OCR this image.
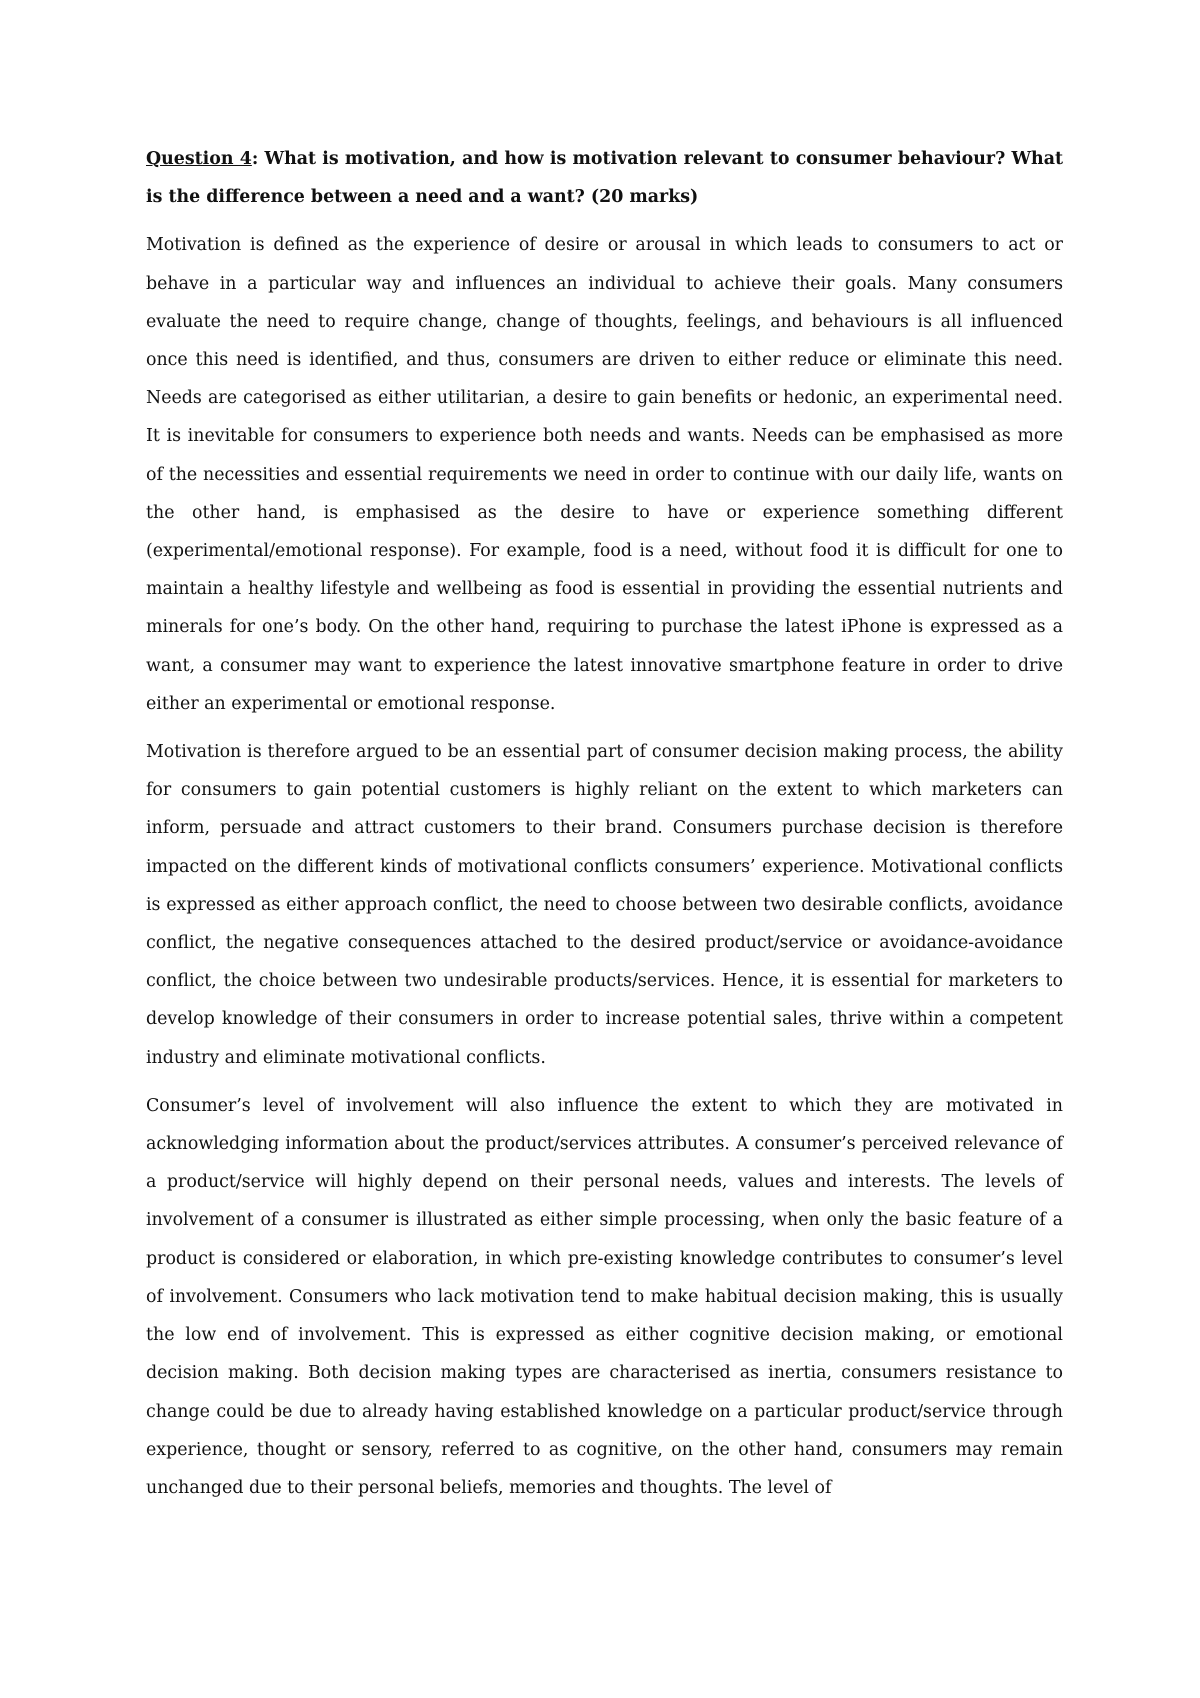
Question 4: What is motivation, and how is motivation relevant to consumer behaviour? What is the difference between a need and a want? (20 marks)

Motivation is defined as the experience of desire or arousal in which leads to consumers to act or behave in a particular way and influences an individual to achieve their goals. Many consumers evaluate the need to require change, change of thoughts, feelings, and behaviours is all influenced once this need is identified, and thus, consumers are driven to either reduce or eliminate this need. Needs are categorised as either utilitarian, a desire to gain benefits or hedonic, an experimental need. It is inevitable for consumers to experience both needs and wants. Needs can be emphasised as more of the necessities and essential requirements we need in order to continue with our daily life, wants on the other hand, is emphasised as the desire to have or experience something different (experimental/emotional response). For example, food is a need, without food it is difficult for one to maintain a healthy lifestyle and wellbeing as food is essential in providing the essential nutrients and minerals for one’s body. On the other hand, requiring to purchase the latest iPhone is expressed as a want, a consumer may want to experience the latest innovative smartphone feature in order to drive either an experimental or emotional response.

Motivation is therefore argued to be an essential part of consumer decision making process, the ability for consumers to gain potential customers is highly reliant on the extent to which marketers can inform, persuade and attract customers to their brand. Consumers purchase decision is therefore impacted on the different kinds of motivational conflicts consumers’ experience. Motivational conflicts is expressed as either approach conflict, the need to choose between two desirable conflicts, avoidance conflict, the negative consequences attached to the desired product/service or avoidance-avoidance conflict, the choice between two undesirable products/services. Hence, it is essential for marketers to develop knowledge of their consumers in order to increase potential sales, thrive within a competent industry and eliminate motivational conflicts.

Consumer’s level of involvement will also influence the extent to which they are motivated in acknowledging information about the product/services attributes. A consumer’s perceived relevance of a product/service will highly depend on their personal needs, values and interests. The levels of involvement of a consumer is illustrated as either simple processing, when only the basic feature of a product is considered or elaboration, in which pre-existing knowledge contributes to consumer’s level of involvement. Consumers who lack motivation tend to make habitual decision making, this is usually the low end of involvement. This is expressed as either cognitive decision making, or emotional decision making. Both decision making types are characterised as inertia, consumers resistance to change could be due to already having established knowledge on a particular product/service through experience, thought or sensory, referred to as cognitive, on the other hand, consumers may remain unchanged due to their personal beliefs, memories and thoughts. The level of
